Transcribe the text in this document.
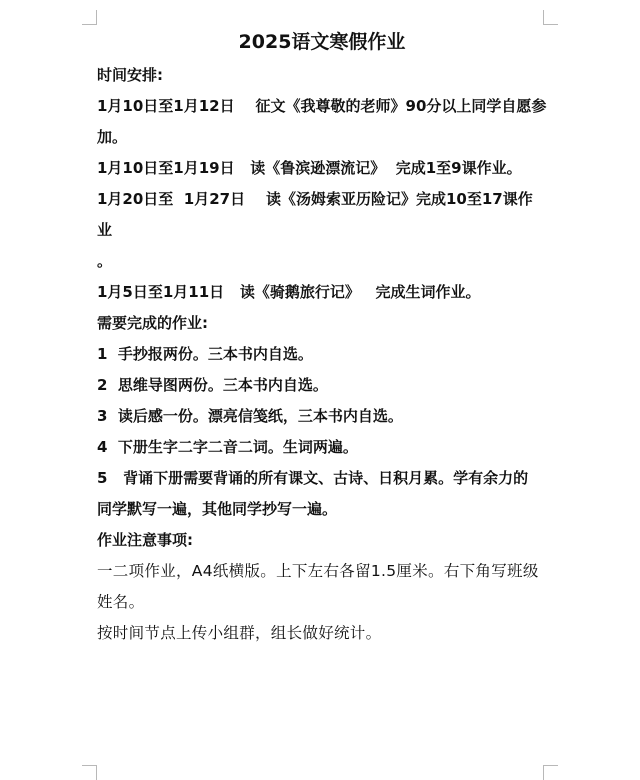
2025语文寒假作业

时间安排:

1月10日至1月12日    征文《我尊敬的老师》90分以上同学自愿参

加。

1月10日至1月19日   读《鲁滨逊漂流记》  完成1至9课作业。

1月20日至  1月27日    读《汤姆索亚历险记》完成10至17课作业

。

1月5日至1月11日   读《骑鹅旅行记》   完成生词作业。

需要完成的作业:

1  手抄报两份。三本书内自选。

2  思维导图两份。三本书内自选。

3  读后感一份。漂亮信笺纸，三本书内自选。

4  下册生字二字二音二词。生词两遍。

5   背诵下册需要背诵的所有课文、古诗、日积月累。学有余力的

同学默写一遍，其他同学抄写一遍。

作业注意事项:

一二项作业，A4纸横版。上下左右各留1.5厘米。右下角写班级

姓名。

按时间节点上传小组群，组长做好统计。
